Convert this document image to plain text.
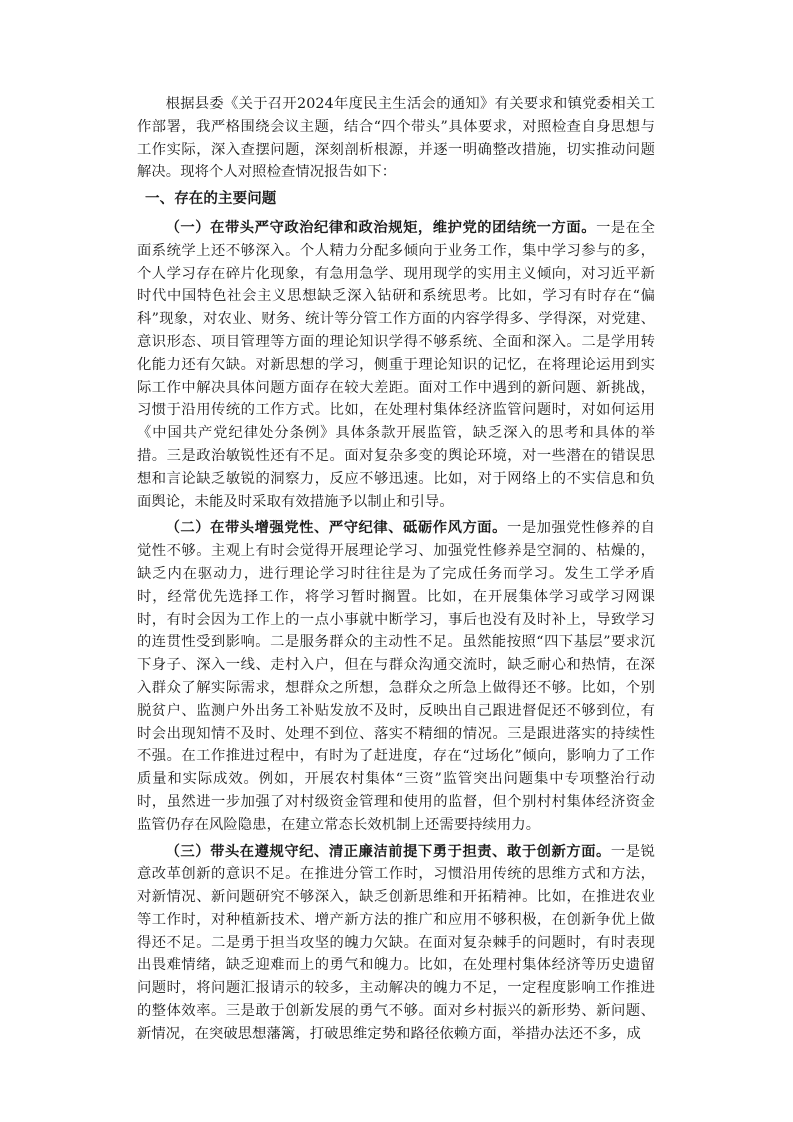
根据县委《关于召开2024年度民主生活会的通知》有关要求和镇党委相关工作部署，我严格围绕会议主题，结合“四个带头”具体要求，对照检查自身思想与工作实际，深入查摆问题，深刻剖析根源，并逐一明确整改措施，切实推动问题解决。现将个人对照检查情况报告如下：

一、存在的主要问题

（一）在带头严守政治纪律和政治规矩，维护党的团结统一方面。一是在全面系统学上还不够深入。个人精力分配多倾向于业务工作，集中学习参与的多，个人学习存在碎片化现象，有急用急学、现用现学的实用主义倾向，对习近平新时代中国特色社会主义思想缺乏深入钻研和系统思考。比如，学习有时存在“偏科”现象，对农业、财务、统计等分管工作方面的内容学得多、学得深，对党建、意识形态、项目管理等方面的理论知识学得不够系统、全面和深入。二是学用转化能力还有欠缺。对新思想的学习，侧重于理论知识的记忆，在将理论运用到实际工作中解决具体问题方面存在较大差距。面对工作中遇到的新问题、新挑战，习惯于沿用传统的工作方式。比如，在处理村集体经济监管问题时，对如何运用《中国共产党纪律处分条例》具体条款开展监管，缺乏深入的思考和具体的举措。三是政治敏锐性还有不足。面对复杂多变的舆论环境，对一些潜在的错误思想和言论缺乏敏锐的洞察力，反应不够迅速。比如，对于网络上的不实信息和负面舆论，未能及时采取有效措施予以制止和引导。

（二）在带头增强党性、严守纪律、砥砺作风方面。一是加强党性修养的自觉性不够。主观上有时会觉得开展理论学习、加强党性修养是空洞的、枯燥的，缺乏内在驱动力，进行理论学习时往往是为了完成任务而学习。发生工学矛盾时，经常优先选择工作，将学习暂时搁置。比如，在开展集体学习或学习网课时，有时会因为工作上的一点小事就中断学习，事后也没有及时补上，导致学习的连贯性受到影响。二是服务群众的主动性不足。虽然能按照“四下基层”要求沉下身子、深入一线、走村入户，但在与群众沟通交流时，缺乏耐心和热情，在深入群众了解实际需求，想群众之所想，急群众之所急上做得还不够。比如，个别脱贫户、监测户外出务工补贴发放不及时，反映出自己跟进督促还不够到位，有时会出现知情不及时、处理不到位、落实不精细的情况。三是跟进落实的持续性不强。在工作推进过程中，有时为了赶进度，存在“过场化”倾向，影响力了工作质量和实际成效。例如，开展农村集体“三资”监管突出问题集中专项整治行动时，虽然进一步加强了对村级资金管理和使用的监督，但个别村村集体经济资金监管仍存在风险隐患，在建立常态长效机制上还需要持续用力。

（三）带头在遵规守纪、清正廉洁前提下勇于担责、敢于创新方面。一是锐意改革创新的意识不足。在推进分管工作时，习惯沿用传统的思维方式和方法，对新情况、新问题研究不够深入，缺乏创新思维和开拓精神。比如，在推进农业等工作时，对种植新技术、增产新方法的推广和应用不够积极，在创新争优上做得还不足。二是勇于担当攻坚的魄力欠缺。在面对复杂棘手的问题时，有时表现出畏难情绪，缺乏迎难而上的勇气和魄力。比如，在处理村集体经济等历史遗留问题时，将问题汇报请示的较多，主动解决的魄力不足，一定程度影响工作推进的整体效率。三是敢于创新发展的勇气不够。面对乡村振兴的新形势、新问题、新情况，在突破思想藩篱，打破思维定势和路径依赖方面，举措办法还不多，成
